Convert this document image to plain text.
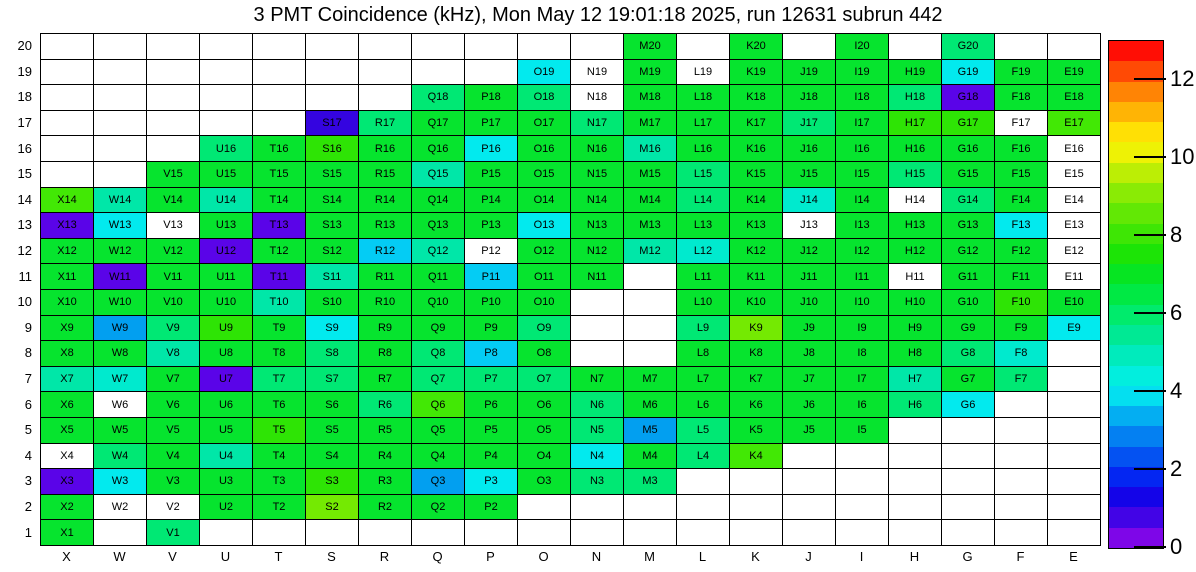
3 PMT Coincidence (kHz), Mon May 12 19:01:18 2025, run 12631 subrun 442
M20	K20	I20	G20
O19	N19	M19	L19	K19	J19	I19	H19	G19	F19	E19
Q18	P18	O18	N18	M18	L18	K18	J18	I18	H18	G18	F18	E18
S17	R17	Q17	P17	O17	N17	M17	L17	K17	J17	I17	H17	G17	F17	E17
U16	T16	S16	R16	Q16	P16	O16	N16	M16	L16	K16	J16	I16	H16	G16	F16	E16
V15	U15	T15	S15	R15	Q15	P15	O15	N15	M15	L15	K15	J15	I15	H15	G15	F15	E15
X14	W14	V14	U14	T14	S14	R14	Q14	P14	O14	N14	M14	L14	K14	J14	I14	H14	G14	F14	E14
X13	W13	V13	U13	T13	S13	R13	Q13	P13	O13	N13	M13	L13	K13	J13	I13	H13	G13	F13	E13
X12	W12	V12	U12	T12	S12	R12	Q12	P12	O12	N12	M12	L12	K12	J12	I12	H12	G12	F12	E12
X11	W11	V11	U11	T11	S11	R11	Q11	P11	O11	N11	L11	K11	J11	I11	H11	G11	F11	E11
X10	W10	V10	U10	T10	S10	R10	Q10	P10	O10	L10	K10	J10	I10	H10	G10	F10	E10
X9	W9	V9	U9	T9	S9	R9	Q9	P9	O9	L9	K9	J9	I9	H9	G9	F9	E9
X8	W8	V8	U8	T8	S8	R8	Q8	P8	O8	L8	K8	J8	I8	H8	G8	F8
X7	W7	V7	U7	T7	S7	R7	Q7	P7	O7	N7	M7	L7	K7	J7	I7	H7	G7	F7
X6	W6	V6	U6	T6	S6	R6	Q6	P6	O6	N6	M6	L6	K6	J6	I6	H6	G6
X5	W5	V5	U5	T5	S5	R5	Q5	P5	O5	N5	M5	L5	K5	J5	I5
X4	W4	V4	U4	T4	S4	R4	Q4	P4	O4	N4	M4	L4	K4
X3	W3	V3	U3	T3	S3	R3	Q3	P3	O3	N3	M3
X2	W2	V2	U2	T2	S2	R2	Q2	P2
X1	V1
20
19
18
17
16
15
14
13
12
11
10
9
8
7
6
5
4
3
2
1
X	W	V	U	T	S	R	Q	P	O	N	M	L	K	J	I	H	G	F	E
12
10
8
6
4
2
0
